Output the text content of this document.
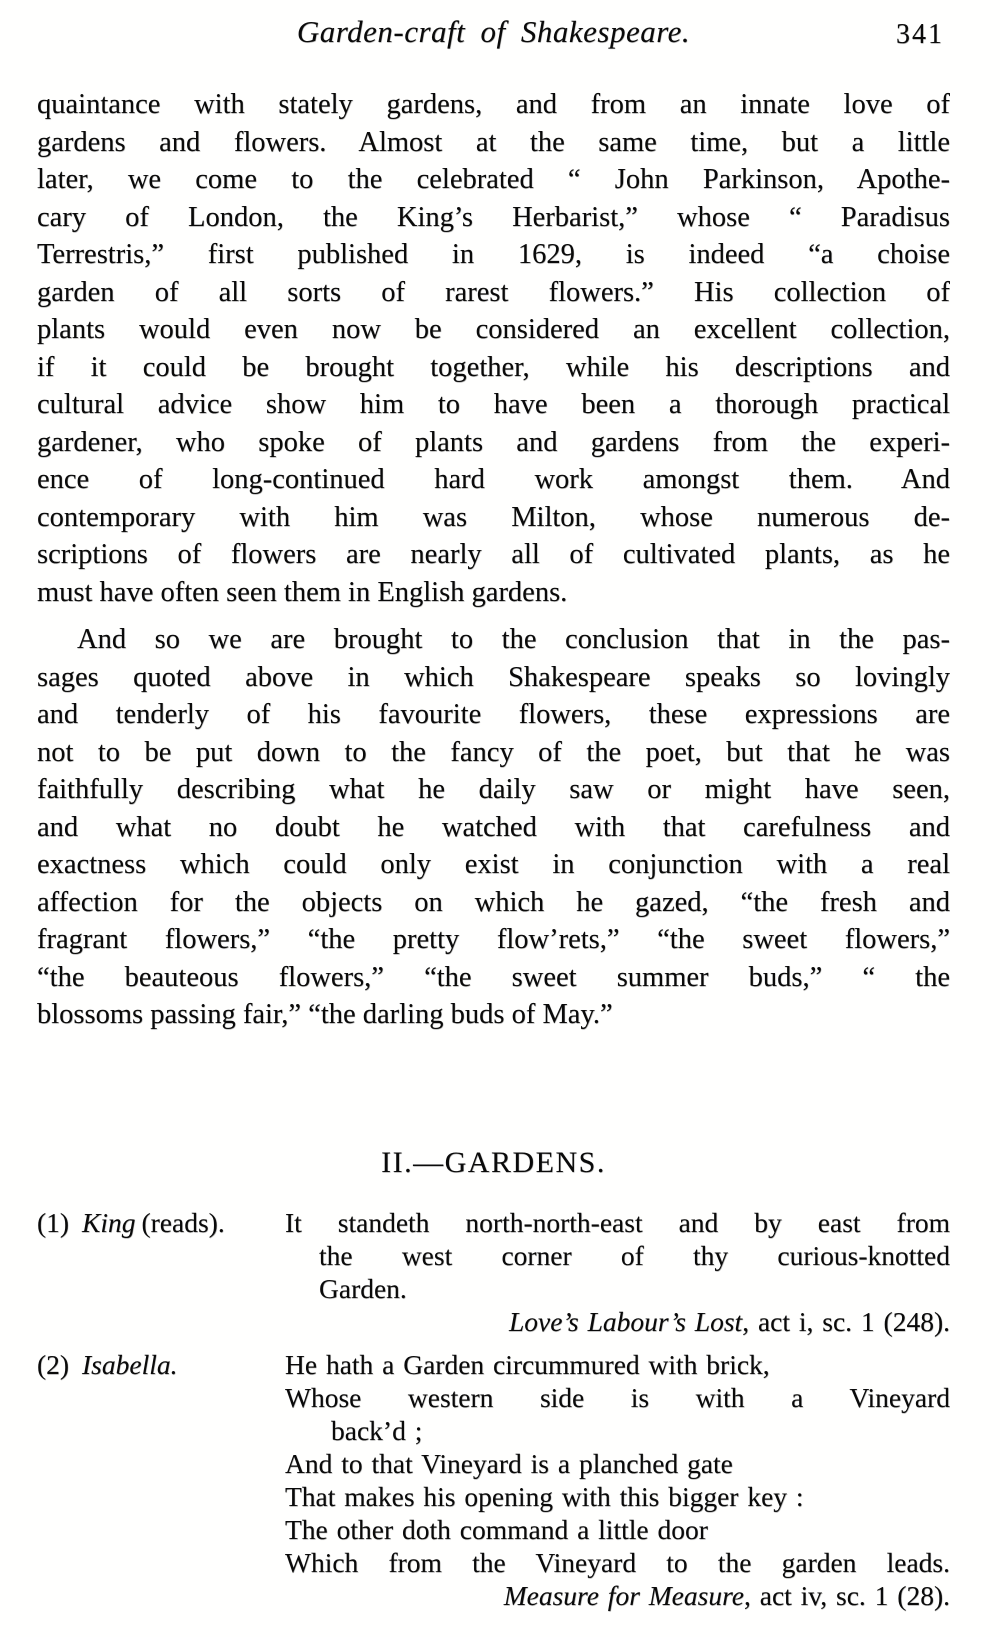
Garden-craft of Shakespeare.	341
quaintance with stately gardens, and from an innate love of
gardens and flowers. Almost at the same time, but a little
later, we come to the celebrated “ John Parkinson, Apothe-
cary of London, the King’s Herbarist,” whose “ Paradisus
Terrestris,” first published in 1629, is indeed “a choise
garden of all sorts of rarest flowers.” His collection of
plants would even now be considered an excellent collection,
if it could be brought together, while his descriptions and
cultural advice show him to have been a thorough practical
gardener, who spoke of plants and gardens from the experi-
ence of long-continued hard work amongst them. And
contemporary with him was Milton, whose numerous de-
scriptions of flowers are nearly all of cultivated plants, as he
must have often seen them in English gardens.
And so we are brought to the conclusion that in the pas-
sages quoted above in which Shakespeare speaks so lovingly
and tenderly of his favourite flowers, these expressions are
not to be put down to the fancy of the poet, but that he was
faithfully describing what he daily saw or might have seen,
and what no doubt he watched with that carefulness and
exactness which could only exist in conjunction with a real
affection for the objects on which he gazed, “the fresh and
fragrant flowers,” “the pretty flow’rets,” “the sweet flowers,”
“the beauteous flowers,” “the sweet summer buds,” “ the
blossoms passing fair,” “the darling buds of May.”
II.—GARDENS.
(1) King (reads). It standeth north-north-east and by east from
the west corner of thy curious-knotted
Garden.
Love’s Labour’s Lost, act i, sc. 1 (248).
(2) Isabella.	He hath a Garden circummured with brick,
Whose western side is with a Vineyard
back’d ;
And to that Vineyard is a planched gate
That makes his opening with this bigger key :
The other doth command a little door
Which from the Vineyard to the garden leads.
Measure for Measure, act iv, sc. 1 (28).
